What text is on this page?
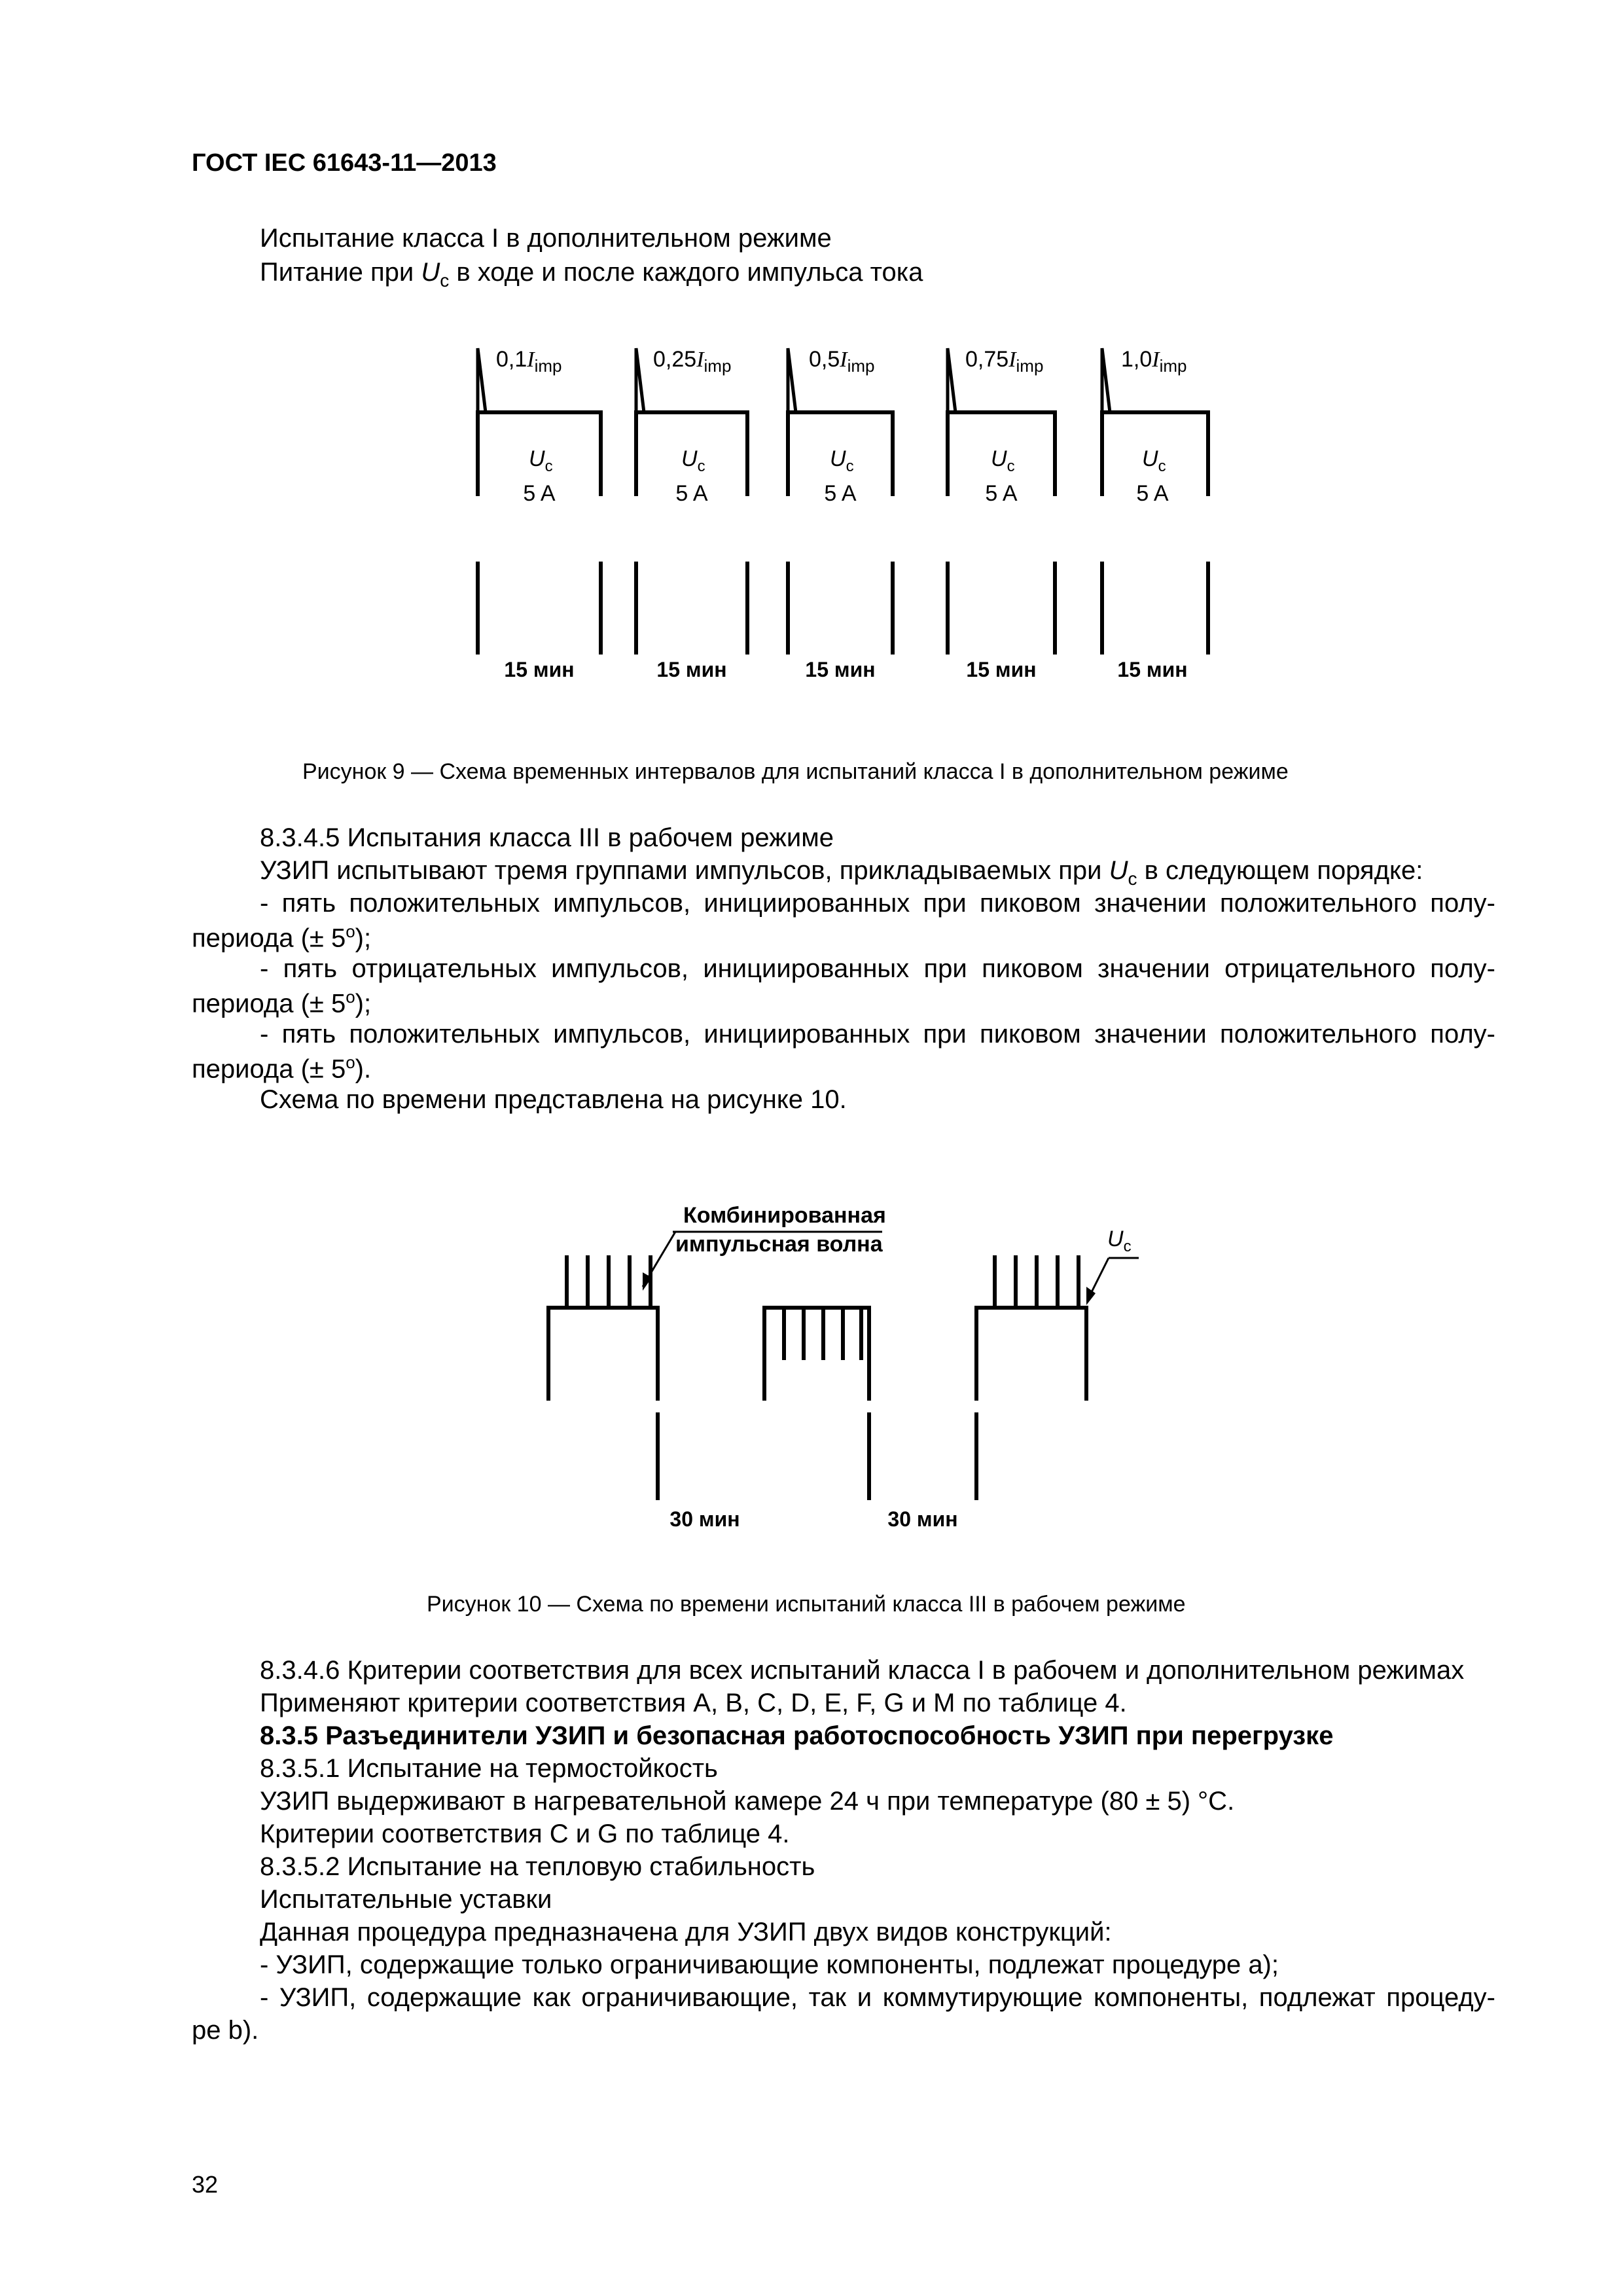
ГОСТ IEC 61643-11—2013
Испытание класса I в дополнительном режиме
Питание при $U_c$ в ходе и после каждого импульса тока
$0,1I_{imp}$
$U_c$
5 A
15 мин
$0,25I_{imp}$
$U_c$
5 A
15 мин
$0,5I_{imp}$
$U_c$
5 A
15 мин
$0,75I_{imp}$
$U_c$
5 A
15 мин
$1,0I_{imp}$
$U_c$
5 A
15 мин
Рисунок 9 — Схема временных интервалов для испытаний класса I в дополнительном режиме
8.3.4.5 Испытания класса III в рабочем режиме
УЗИП испытывают тремя группами импульсов, прикладываемых при $U_c$ в следующем порядке:
- пять положительных импульсов, инициированных при пиковом значении положительного полу-
периода (± $5^o$);
- пять отрицательных импульсов, инициированных при пиковом значении отрицательного полу-
периода (± $5^o$);
- пять положительных импульсов, инициированных при пиковом значении положительного полу-
периода (± $5^o$).
Схема по времени представлена на рисунке 10.
30 мин	30 мин
Комбинированная
импульсная волна	$U_c$
Рисунок 10 — Схема по времени испытаний класса III в рабочем режиме
8.3.4.6 Критерии соответствия для всех испытаний класса I в рабочем и дополнительном режимах
Применяют критерии соответствия A, B, C, D, E, F, G и M по таблице 4.
8.3.5 Разъединители УЗИП и безопасная работоспособность УЗИП при перегрузке
8.3.5.1 Испытание на термостойкость
УЗИП выдерживают в нагревательной камере 24 ч при температуре (80 ± 5) °C.
Критерии соответствия C и G по таблице 4.
8.3.5.2 Испытание на тепловую стабильность
Испытательные уставки
Данная процедура предназначена для УЗИП двух видов конструкций:
- УЗИП, содержащие только ограничивающие компоненты, подлежат процедуре a);
- УЗИП, содержащие как ограничивающие, так и коммутирующие компоненты, подлежат процеду-
ре b).
32
